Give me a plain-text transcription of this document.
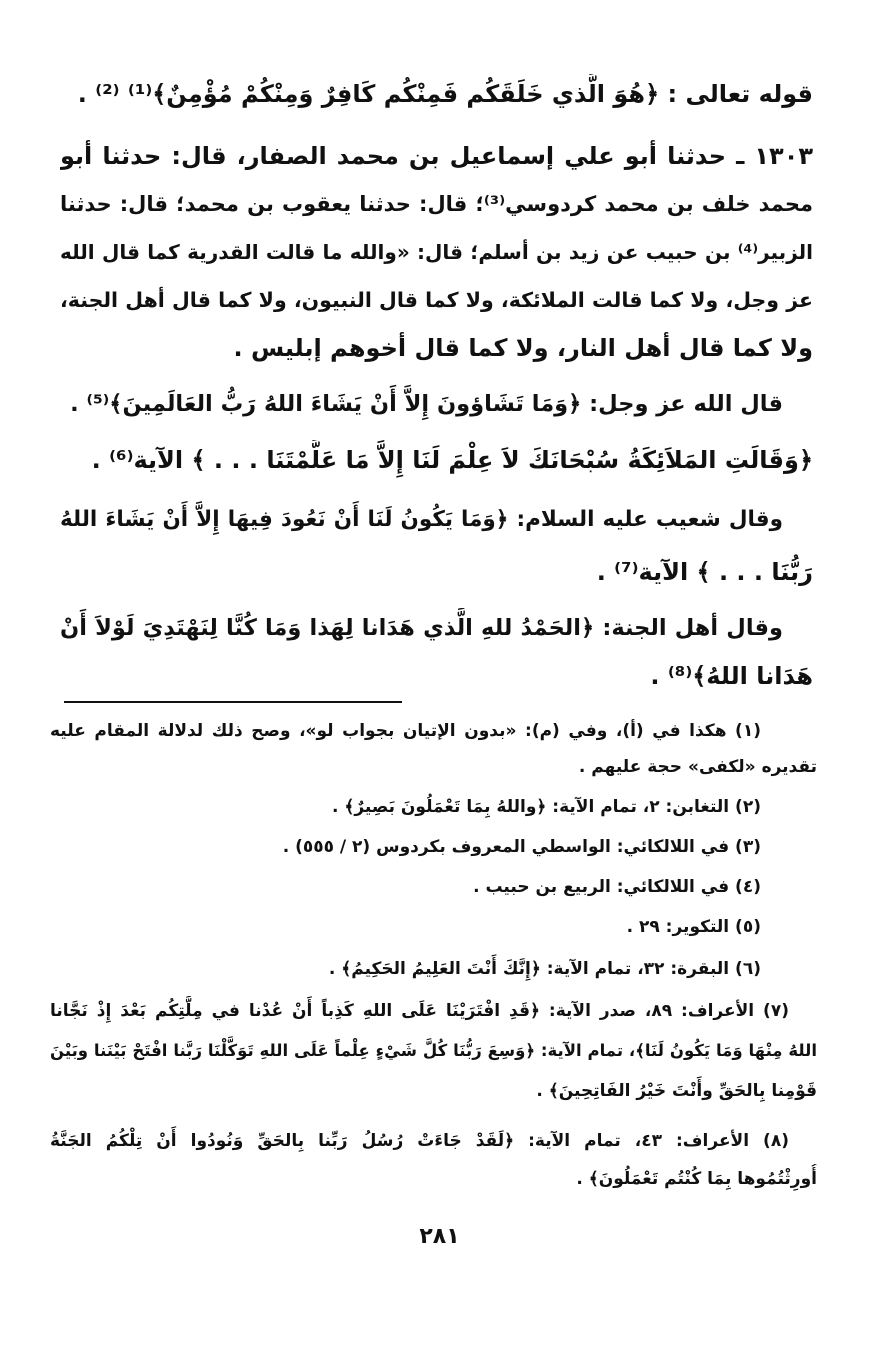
قوله تعالى : ﴿هُوَ الَّذي خَلَقَكُم فَمِنْكُم كَافِرٌ وَمِنْكُمْ مُؤْمِنٌ﴾⁽¹⁾ ⁽²⁾ .
١٣٠٣ ـ حدثنا أبو علي إسماعيل بن محمد الصفار، قال: حدثنا أبو
محمد خلف بن محمد كردوسي⁽³⁾؛ قال: حدثنا يعقوب بن محمد؛ قال: حدثنا
الزبير⁽⁴⁾ بن حبيب عن زيد بن أسلم؛ قال: «والله ما قالت القدرية كما قال الله
عز وجل، ولا كما قالت الملائكة، ولا كما قال النبيون، ولا كما قال أهل الجنة،
ولا كما قال أهل النار، ولا كما قال أخوهم إبليس .
قال الله عز وجل: ﴿وَمَا تَشَاؤونَ إِلاَّ أَنْ يَشَاءَ اللهُ رَبُّ العَالَمِينَ﴾⁽⁵⁾ .
﴿وَقَالَتِ المَلاَئِكَةُ سُبْحَانَكَ لاَ عِلْمَ لَنَا إِلاَّ مَا عَلَّمْتَنَا . . . ﴾ الآية⁽⁶⁾ .
وقال شعيب عليه السلام: ﴿وَمَا يَكُونُ لَنَا أَنْ نَعُودَ فِيهَا إِلاَّ أَنْ يَشَاءَ اللهُ
رَبُّنَا . . . ﴾ الآية⁽⁷⁾ .
وقال أهل الجنة: ﴿الحَمْدُ للهِ الَّذي هَدَانا لِهَذا وَمَا كُنَّا لِنَهْتَدِيَ لَوْلاَ أَنْ
هَدَانا اللهُ﴾⁽⁸⁾ .
(١) هكذا في (أ)، وفي (م): «بدون الإتيان بجواب لو»، وصح ذلك لدلالة المقام عليه
تقديره «لكفى» حجة عليهم .
(٢) التغابن: ٢، تمام الآية: ﴿واللهُ بِمَا تَعْمَلُونَ بَصِيرٌ﴾ .
(٣) في اللالكائي: الواسطي المعروف بكردوس (٢ / ٥٥٥) .
(٤) في اللالكائي: الربيع بن حبيب .
(٥) التكوير: ٢٩ .
(٦) البقرة: ٣٢، تمام الآية: ﴿إِنَّكَ أَنْتَ العَلِيمُ الحَكِيمُ﴾ .
(٧) الأعراف: ٨٩، صدر الآية: ﴿قَدِ افْتَرَيْنَا عَلَى اللهِ كَذِباً أَنْ عُدْنا في مِلَّتِكُم بَعْدَ إِذْ نَجَّانا
اللهُ مِنْهَا وَمَا يَكُونُ لَنَا﴾، تمام الآية: ﴿وَسِعَ رَبُّنَا كُلَّ شَيْءٍ عِلْماً عَلَى اللهِ تَوَكَّلْنَا رَبَّنا افْتَحْ بَيْنَنا وبَيْنَ
قَوْمِنا بِالحَقِّ وأَنْتَ خَيْرُ الفَاتِحِينَ﴾ .
(٨) الأعراف: ٤٣، تمام الآية: ﴿لَقَدْ جَاءَتْ رُسُلُ رَبِّنا بِالحَقِّ وَنُودُوا أَنْ تِلْكُمُ الجَنَّةُ
أُورِثْتُمُوها بِمَا كُنْتُم تَعْمَلُونَ﴾ .
٢٨١
